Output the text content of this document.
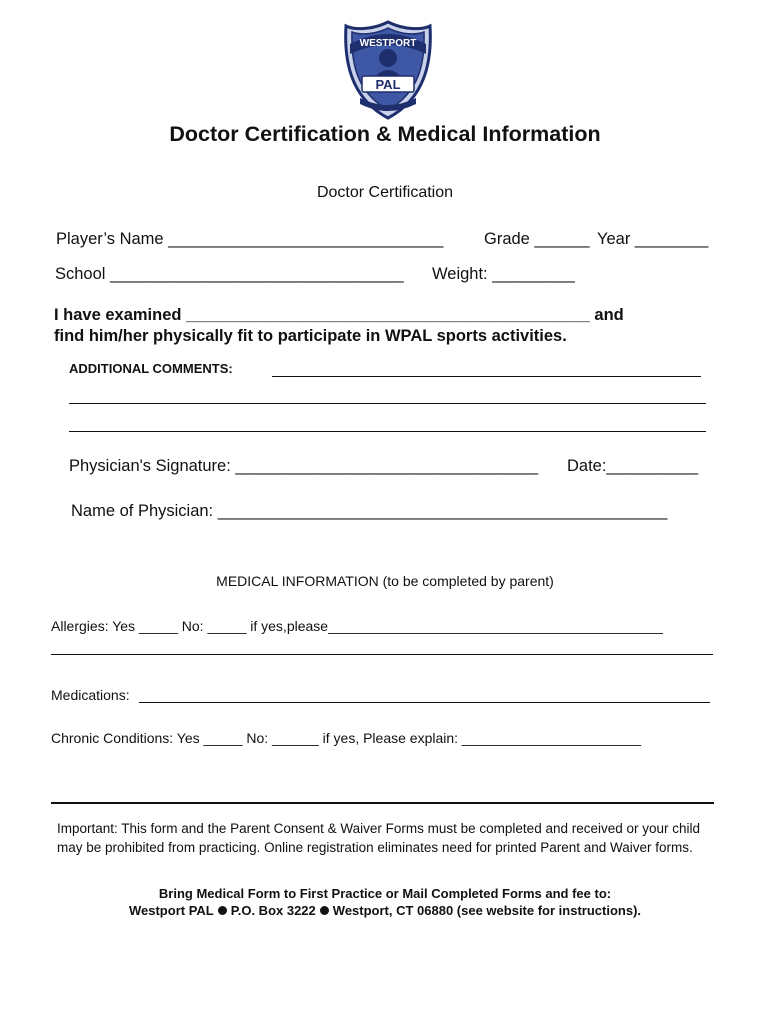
WESTPORT
PAL
Doctor Certification & Medical Information
Doctor Certification
Player’s Name ______________________________ Grade ______ Year ________
School ________________________________ Weight: _________
I have examined ____________________________________________ and
find him/her physically fit to participate in WPAL sports activities.
ADDITIONAL COMMENTS:
Physician's Signature: _________________________________ Date:__________
Name of Physician: _________________________________________________
MEDICAL INFORMATION (to be completed by parent)
Allergies: Yes _____ No: _____ if yes,please___________________________________________
Medications:
Chronic Conditions: Yes _____ No: ______ if yes, Please explain: _______________________
Important: This form and the Parent Consent & Waiver Forms must be completed and received or your child may be prohibited from practicing. Online registration eliminates need for printed Parent and Waiver forms.
Bring Medical Form to First Practice or Mail Completed Forms and fee to:
Westport PAL P.O. Box 3222 Westport, CT 06880 (see website for instructions).
